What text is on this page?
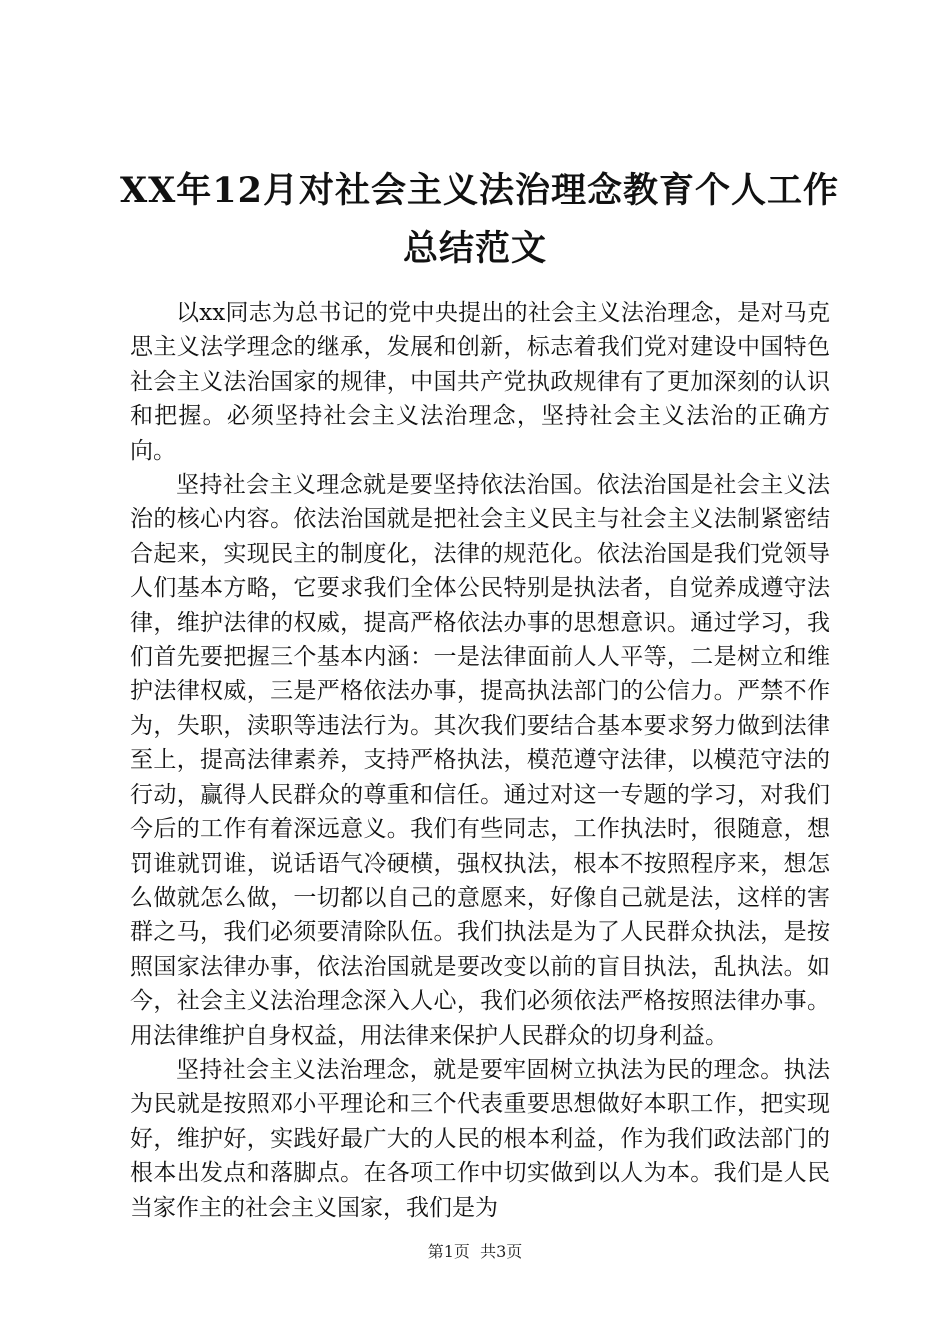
XX年12月对社会主义法治理念教育个人工作
总结范文

以xx同志为总书记的党中央提出的社会主义法治理念，是对马克思主义法学理念的继承，发展和创新，标志着我们党对建设中国特色社会主义法治国家的规律，中国共产党执政规律有了更加深刻的认识和把握。必须坚持社会主义法治理念，坚持社会主义法治的正确方向。

坚持社会主义理念就是要坚持依法治国。依法治国是社会主义法治的核心内容。依法治国就是把社会主义民主与社会主义法制紧密结合起来，实现民主的制度化，法律的规范化。依法治国是我们党领导人们基本方略，它要求我们全体公民特别是执法者，自觉养成遵守法律，维护法律的权威，提高严格依法办事的思想意识。通过学习，我们首先要把握三个基本内涵：一是法律面前人人平等，二是树立和维护法律权威，三是严格依法办事，提高执法部门的公信力。严禁不作为，失职，渎职等违法行为。其次我们要结合基本要求努力做到法律至上，提高法律素养，支持严格执法，模范遵守法律，以模范守法的行动，赢得人民群众的尊重和信任。通过对这一专题的学习，对我们今后的工作有着深远意义。我们有些同志，工作执法时，很随意，想罚谁就罚谁，说话语气冷硬横，强权执法，根本不按照程序来，想怎么做就怎么做，一切都以自己的意愿来，好像自己就是法，这样的害群之马，我们必须要清除队伍。我们执法是为了人民群众执法，是按照国家法律办事，依法治国就是要改变以前的盲目执法，乱执法。如今，社会主义法治理念深入人心，我们必须依法严格按照法律办事。用法律维护自身权益，用法律来保护人民群众的切身利益。

坚持社会主义法治理念，就是要牢固树立执法为民的理念。执法为民就是按照邓小平理论和三个代表重要思想做好本职工作，把实现好，维护好，实践好最广大的人民的根本利益，作为我们政法部门的根本出发点和落脚点。在各项工作中切实做到以人为本。我们是人民当家作主的社会主义国家，我们是为

第1页 共3页
